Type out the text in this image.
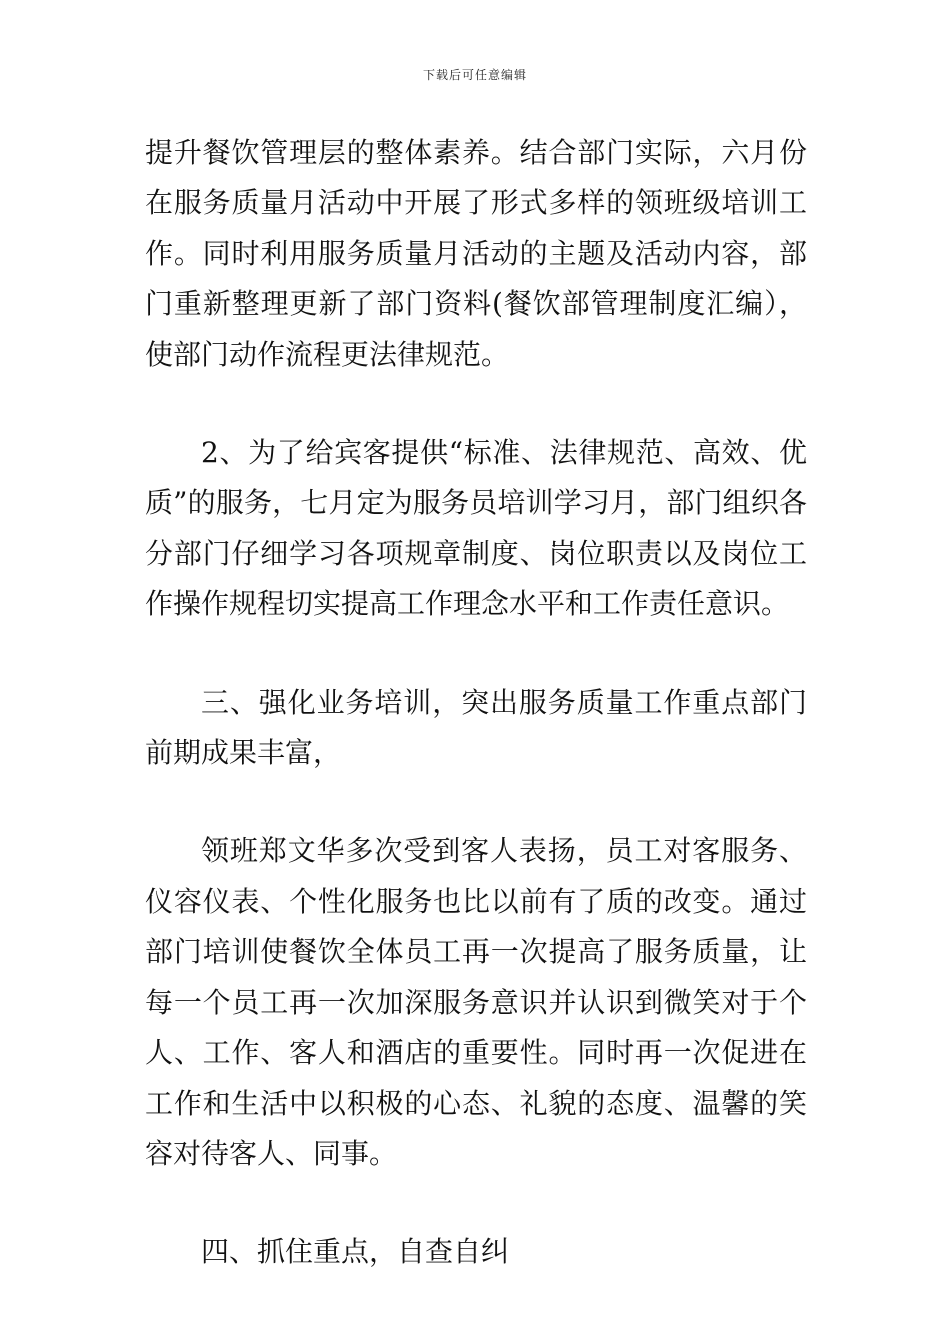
下载后可任意编辑

提升餐饮管理层的整体素养。结合部门实际，六月份在服务质量月活动中开展了形式多样的领班级培训工作。同时利用服务质量月活动的主题及活动内容，部门重新整理更新了部门资料(餐饮部管理制度汇编），使部门动作流程更法律规范。

2、为了给宾客提供“标准、法律规范、高效、优质”的服务，七月定为服务员培训学习月，部门组织各分部门仔细学习各项规章制度、岗位职责以及岗位工作操作规程切实提高工作理念水平和工作责任意识。

三、强化业务培训，突出服务质量工作重点部门前期成果丰富，

领班郑文华多次受到客人表扬，员工对客服务、仪容仪表、个性化服务也比以前有了质的改变。通过部门培训使餐饮全体员工再一次提高了服务质量，让每一个员工再一次加深服务意识并认识到微笑对于个人、工作、客人和酒店的重要性。同时再一次促进在工作和生活中以积极的心态、礼貌的态度、温馨的笑容对待客人、同事。

四、抓住重点，自查自纠
